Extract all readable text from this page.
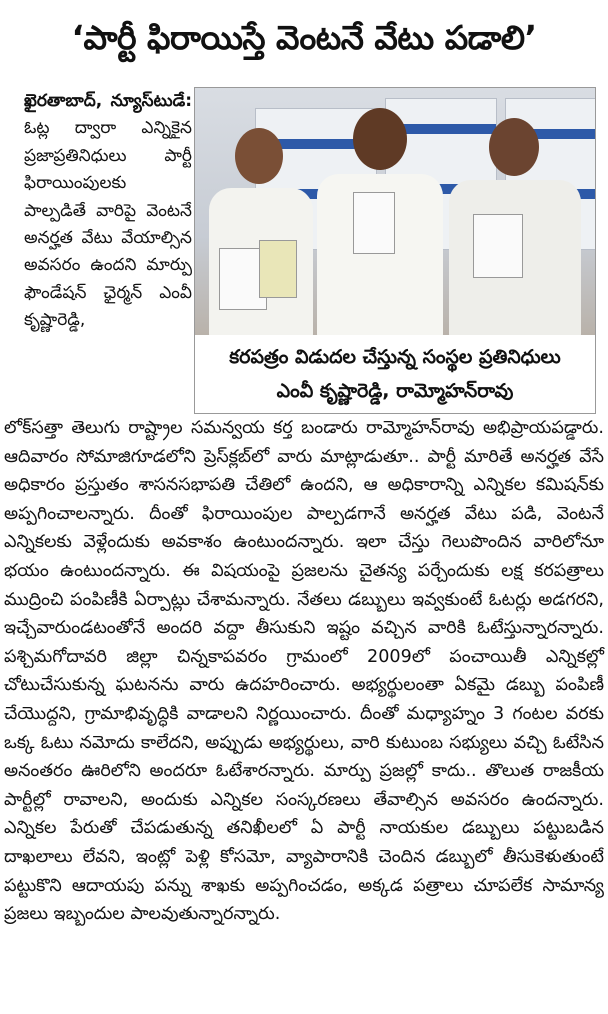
‘పార్టీ ఫిరాయిస్తే వెంటనే వేటు పడాలి’
ఖైరతాబాద్, న్యూస్‌టుడే: ఓట్ల ద్వారా ఎన్నికైన ప్రజాప్రతినిధులు పార్టీ ఫిరాయింపులకు పాల్పడితే వారిపై వెంటనే అనర్హత వేటు వేయాల్సిన అవసరం ఉందని మార్పు ఫౌండేషన్ ఛైర్మన్ ఎంవీ కృష్ణారెడ్డి,
కరపత్రం విడుదల చేస్తున్న సంస్థల ప్రతినిధులు
ఎంవీ కృష్ణారెడ్డి, రామ్మోహన్‌రావు
లోక్‌సత్తా తెలుగు రాష్ట్రాల సమన్వయ కర్త బండారు రామ్మోహన్‌రావు అభిప్రాయపడ్డారు. ఆదివారం సోమాజిగూడలోని ప్రెస్‌క్లబ్‌లో వారు మాట్లాడుతూ.. పార్టీ మారితే అనర్హత వేసే అధికారం ప్రస్తుతం శాసనసభాపతి చేతిలో ఉందని, ఆ అధికారాన్ని ఎన్నికల కమిషన్‌కు అప్పగించాలన్నారు. దీంతో ఫిరాయింపుల పాల్పడగానే అనర్హత వేటు పడి, వెంటనే ఎన్నికలకు వెళ్లేందుకు అవకాశం ఉంటుందన్నారు. ఇలా చేస్తు గెలుపొందిన వారిలోనూ భయం ఉంటుందన్నారు. ఈ విషయంపై ప్రజలను చైతన్య పర్చేందుకు లక్ష కరపత్రాలు ముద్రించి పంపిణీకి ఏర్పాట్లు చేశామన్నారు. నేతలు డబ్బులు ఇవ్వకుంటే ఓటర్లు అడగరని, ఇచ్చేవారుండటంతోనే అందరి వద్దా తీసుకుని ఇష్టం వచ్చిన వారికి ఓటేస్తున్నారన్నారు. పశ్చిమగోదావరి జిల్లా చిన్నకాపవరం గ్రామంలో 2009లో పంచాయితీ ఎన్నికల్లో చోటుచేసుకున్న ఘటనను వారు ఉదహరించారు. అభ్యర్థులంతా ఏకమై డబ్బు పంపిణీ చేయొద్దని, గ్రామాభివృద్ధికి వాడాలని నిర్ణయించారు. దీంతో మధ్యాహ్నం 3 గంటల వరకు ఒక్క ఓటు నమోదు కాలేదని, అప్పుడు అభ్యర్థులు, వారి కుటుంబ సభ్యులు వచ్చి ఓటేసిన అనంతరం ఊరిలోని అందరూ ఓటేశారన్నారు. మార్పు ప్రజల్లో కాదు.. తొలుత రాజకీయ పార్టీల్లో రావాలని, అందుకు ఎన్నికల సంస్కరణలు తేవాల్సిన అవసరం ఉందన్నారు. ఎన్నికల పేరుతో చేపడుతున్న తనిఖీలలో ఏ పార్టీ నాయకుల డబ్బులు పట్టుబడిన దాఖలాలు లేవని, ఇంట్లో పెళ్లి కోసమో, వ్యాపారానికి చెందిన డబ్బులో తీసుకెళుతుంటే పట్టుకొని ఆదాయపు పన్ను శాఖకు అప్పగించడం, అక్కడ పత్రాలు చూపలేక సామాన్య ప్రజలు ఇబ్బందుల పాలవుతున్నారన్నారు.
